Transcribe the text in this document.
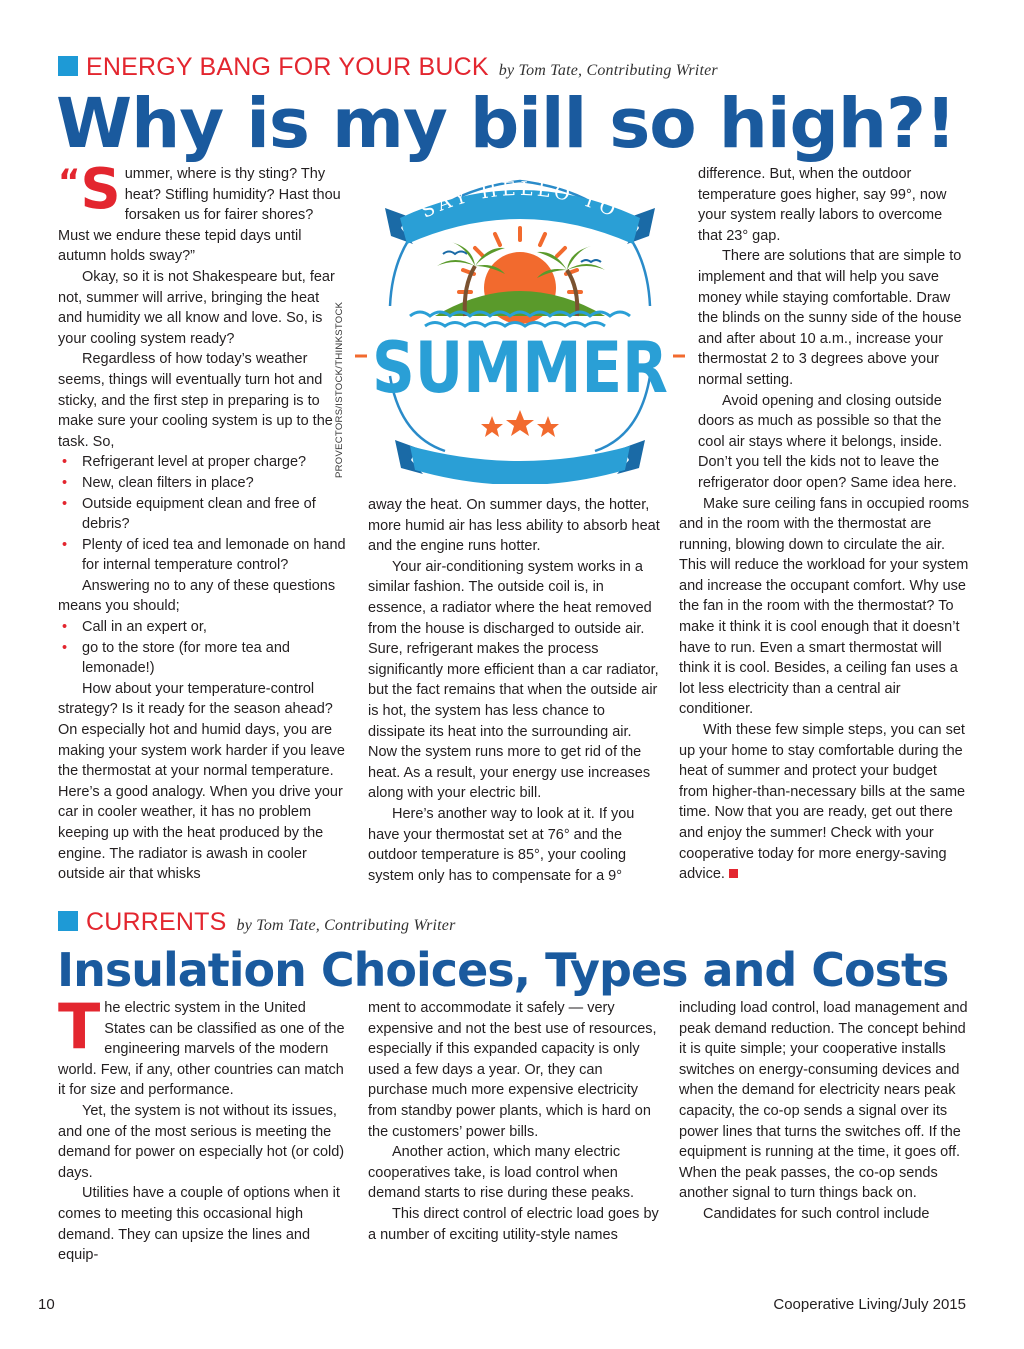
ENERGY BANG FOR YOUR BUCK by Tom Tate, Contributing Writer
Why is my bill so high?!

“S ummer, where is thy sting? Thy heat? Stifling humidity? Hast thou forsaken us for fairer shores? Must we endure these tepid days until autumn holds sway?”

Okay, so it is not Shakespeare but, fear not, summer will arrive, bringing the heat and humidity we all know and love. So, is your cooling system ready?

Regardless of how today’s weather seems, things will eventually turn hot and sticky, and the first step in preparing is to make sure your cooling system is up to the task. So,

• Refrigerant level at proper charge?
• New, clean filters in place?
• Outside equipment clean and free of debris?
• Plenty of iced tea and lemonade on hand for internal temperature control?

Answering no to any of these questions means you should;

• Call in an expert or,
• go to the store (for more tea and lemonade!)

How about your temperature-control strategy? Is it ready for the season ahead? On especially hot and humid days, you are making your system work harder if you leave the thermostat at your normal temperature. Here’s a good analogy. When you drive your car in cooler weather, it has no problem keeping up with the heat produced by the engine. The radiator is awash in cooler outside air that whisks

PROVECTORS/ISTOCK/THINKSTOCK
SAY HELLO TO
SUMMER

away the heat. On summer days, the hotter, more humid air has less ability to absorb heat and the engine runs hotter.

Your air-conditioning system works in a similar fashion. The outside coil is, in essence, a radiator where the heat removed from the house is discharged to outside air. Sure, refrigerant makes the process significantly more efficient than a car radiator, but the fact remains that when the outside air is hot, the system has less chance to dissipate its heat into the surrounding air. Now the system runs more to get rid of the heat. As a result, your energy use increases along with your electric bill.

Here’s another way to look at it. If you have your thermostat set at 76° and the outdoor temperature is 85°, your cooling system only has to compensate for a 9°

difference. But, when the outdoor temperature goes higher, say 99°, now your system really labors to overcome that 23° gap.

There are solutions that are simple to implement and that will help you save money while staying comfortable. Draw the blinds on the sunny side of the house and after about 10 a.m., increase your thermostat 2 to 3 degrees above your normal setting.

Avoid opening and closing outside doors as much as possible so that the cool air stays where it belongs, inside. Don’t you tell the kids not to leave the refrigerator door open? Same idea here.

Make sure ceiling fans in occupied rooms and in the room with the thermostat are running, blowing down to circulate the air. This will reduce the workload for your system and increase the occupant comfort. Why use the fan in the room with the thermostat? To make it think it is cool enough that it doesn’t have to run. Even a smart thermostat will think it is cool. Besides, a ceiling fan uses a lot less electricity than a central air conditioner.

With these few simple steps, you can set up your home to stay comfortable during the heat of summer and protect your budget from higher-than-necessary bills at the same time. Now that you are ready, get out there and enjoy the summer! Check with your cooperative today for more energy-saving advice.

CURRENTS by Tom Tate, Contributing Writer
Insulation Choices, Types and Costs

The electric system in the United States can be classified as one of the engineering marvels of the modern world. Few, if any, other countries can match it for size and performance.

Yet, the system is not without its issues, and one of the most serious is meeting the demand for power on especially hot (or cold) days.

Utilities have a couple of options when it comes to meeting this occasional high demand. They can upsize the lines and equip-

ment to accommodate it safely — very expensive and not the best use of resources, especially if this expanded capacity is only used a few days a year. Or, they can purchase much more expensive electricity from standby power plants, which is hard on the customers’ power bills.

Another action, which many electric cooperatives take, is load control when demand starts to rise during these peaks.

This direct control of electric load goes by a number of exciting utility-style names

including load control, load management and peak demand reduction. The concept behind it is quite simple; your cooperative installs switches on energy-consuming devices and when the demand for electricity nears peak capacity, the co-op sends a signal over its power lines that turns the switches off. If the equipment is running at the time, it goes off. When the peak passes, the co-op sends another signal to turn things back on.

Candidates for such control include

10	Cooperative Living/July 2015
